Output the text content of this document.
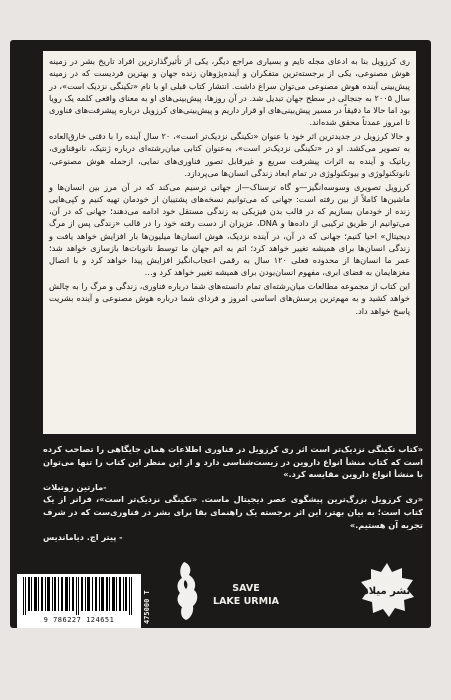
ری کرزویل بنا به ادعای مجله تایم و بسیاری مراجع دیگر، یکی از تأثیرگذارترین افراد تاریخ بشر در زمینه هوش مصنوعی، یکی از برجسته‌ترین متفکران و آینده‌پژوهان زنده جهان و بهترین فردیست که در زمینه پیش‌بینی آینده هوش مصنوعی می‌توان سراغ داشت. انتشار کتاب قبلی او با نام «تکینگی نزدیک است»، در سال ۲۰۰۵ به جنجالی در سطح جهان تبدیل شد. در آن روزها، پیش‌بینی‌های او به معنای واقعی کلمه یک رویا بود اما حالا ما دقیقاً در مسیر پیش‌بینی‌های او قرار داریم و پیش‌بینی‌های کرزویل درباره پیشرفت‌های فناوری تا امروز عمدتاً محقق شده‌اند.

و حالا کرزویل در جدیدترین اثر خود با عنوان «تکینگی نزدیک‌تر است»، ۲۰ سال آینده را با دقتی خارق‌العاده به تصویر می‌کشد. او در «تکینگی نزدیک‌تر است»، به‌عنوان کتابی میان‌رشته‌ای درباره ژنتیک، نانوفناوری، رباتیک و آینده به اثرات پیشرفت سریع و غیرقابل تصور فناوری‌های نمایی، ازجمله هوش مصنوعی، نانوتکنولوژی و بیوتکنولوژی در تمام ابعاد زندگی انسان‌ها می‌پردازد.

کرزویل تصویری وسوسه‌انگیز—و گاه ترسناک—از جهانی ترسیم می‌کند که در آن مرز بین انسان‌ها و ماشین‌ها کاملاً از بین رفته است: جهانی که می‌توانیم نسخه‌های پشتیبان از خودمان تهیه کنیم و کپی‌هایی زنده از خودمان بسازیم که در قالب بدن فیزیکی به زندگی مستقل خود ادامه می‌دهند؛ جهانی که در آن، می‌توانیم از طریق ترکیبی از داده‌ها و DNA، عزیزان از دست رفته خود را در قالب «زندگی پس از مرگ دیجیتال» احیا کنیم؛ جهانی که در آن، در آینده نزدیک، هوش انسان‌ها میلیون‌ها بار افزایش خواهد یافت و زندگی انسان‌ها برای همیشه تغییر خواهد کرد؛ اتم به اتم جهان ما توسط نانوبات‌ها بازسازی خواهد شد؛ عمر ما انسان‌ها از محدوده فعلی ۱۲۰ سال به رقمی اعجاب‌انگیز افزایش پیدا خواهد کرد و با اتصال مغزهایمان به فضای ابری، مفهوم انسان‌بودن برای همیشه تغییر خواهد کرد و…

این کتاب از مجموعه مطالعات میان‌رشته‌ای تمام دانسته‌های شما درباره فناوری، زندگی و مرگ را به چالش خواهد کشید و به مهم‌ترین پرسش‌های اساسی امروز و فردای شما درباره هوش مصنوعی و آینده بشریت پاسخ خواهد داد.

«کتاب تکینگی نزدیک‌تر است اثر ری کرزویل در فناوری اطلاعات همان جایگاهی را تصاحب کرده است که کتاب منشأ انواع داروین در زیست‌شناسی دارد و از این منظر این کتاب را تنها می‌توان با منشأ انواع داروین مقایسه کرد.»
-مارتین روتبلات
«ری کرزویل بزرگ‌ترین پیشگوی عصر دیجیتال ماست. «تکینگی نزدیک‌تر است»، فراتر از یک کتاب است؛ به بیان بهتر، این اثر برجسته یک راهنمای بقا برای بشر در فناوری‌ست که در شرف تجربه آن هستیم.»
- پیتر اچ. دیاماندیس
9 786227 124651	475000 T
SAVE
LAKE URMIA
نشر میلاد
